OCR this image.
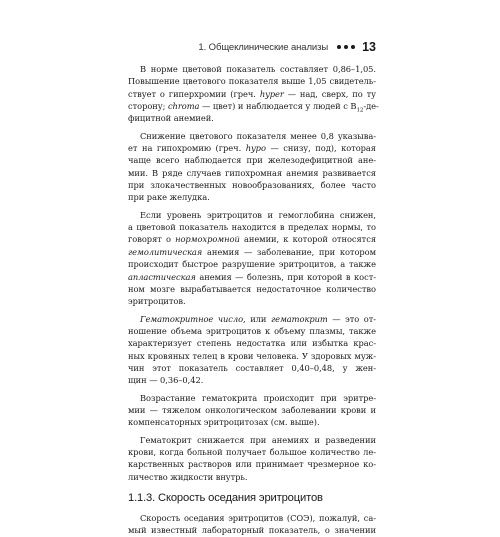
1. Общеклинические анализы	13
В норме цветовой показатель составляет 0,86–1,05.
Повышение цветового показателя выше 1,05 свидетель-
ствует о гиперхромии (греч. hyper — над, сверх, по ту
сторону; chroma — цвет) и наблюдается у людей с $B_{12}-де-$
фицитной анемией.
Снижение цветового показателя менее 0,8 указыва-
ет на гипохромию (греч. hypo — снизу, под), которая
чаще всего наблюдается при железодефицитной ане-
мии. В ряде случаев гипохромная анемия развивается
при злокачественных новообразованиях, более часто
при раке желудка.
Если уровень эритроцитов и гемоглобина снижен,
а цветовой показатель находится в пределах нормы, то
говорят о нормохромной анемии, к которой относятся
гемолитическая анемия — заболевание, при котором
происходит быстрое разрушение эритроцитов, а также
апластическая анемия — болезнь, при которой в кост-
ном мозге вырабатывается недостаточное количество
эритроцитов.
Гематокритное число, или гематокрит — это от-
ношение объема эритроцитов к объему плазмы, также
характеризует степень недостатка или избытка крас-
ных кровяных телец в крови человека. У здоровых муж-
чин этот показатель составляет 0,40–0,48, у жен-
щин — 0,36–0,42.
Возрастание гематокрита происходит при эритре-
мии — тяжелом онкологическом заболевании крови и
компенсаторных эритроцитозах (см. выше).
Гематокрит снижается при анемиях и разведении
крови, когда больной получает большое количество ле-
карственных растворов или принимает чрезмерное ко-
личество жидкости внутрь.
1.1.3. Скорость оседания эритроцитов
Скорость оседания эритроцитов (СОЭ), пожалуй, са-
мый известный лабораторный показатель, о значении
